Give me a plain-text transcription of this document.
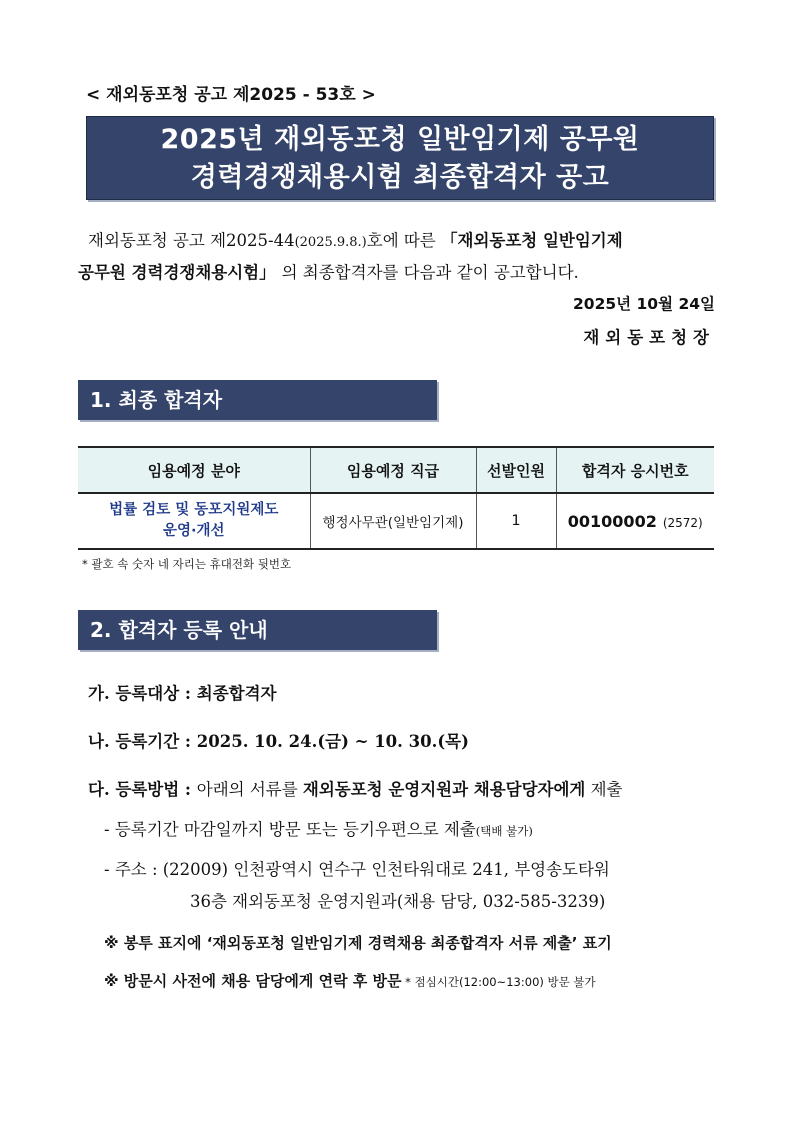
< 재외동포청 공고 제2025 - 53호 >
2025년 재외동포청 일반임기제 공무원
경력경쟁채용시험 최종합격자 공고
재외동포청 공고 제2025-44(2025.9.8.)호에 따른 「재외동포청 일반임기제
공무원 경력경쟁채용시험」 의 최종합격자를 다음과 같이 공고합니다.
2025년 10월 24일
재외동포청장
1. 최종 합격자
임용예정 분야	임용예정 직급	선발인원	합격자 응시번호

법률 검토 및 동포지원제도
운영·개선	행정사무관(일반임기제)	1	00100002 (2572)
* 괄호 속 숫자 네 자리는 휴대전화 뒷번호
2. 합격자 등록 안내
가. 등록대상 : 최종합격자
나. 등록기간 : 2025. 10. 24.(금) ~ 10. 30.(목)
다. 등록방법 : 아래의 서류를 재외동포청 운영지원과 채용담당자에게 제출
- 등록기간 마감일까지 방문 또는 등기우편으로 제출(택배 불가)
- 주소 : (22009) 인천광역시 연수구 인천타워대로 241, 부영송도타워
36층 재외동포청 운영지원과(채용 담당, 032-585-3239)
※ 봉투 표지에 ‘재외동포청 일반임기제 경력채용 최종합격자 서류 제출’ 표기
※ 방문시 사전에 채용 담당에게 연락 후 방문 * 점심시간(12:00~13:00) 방문 불가
